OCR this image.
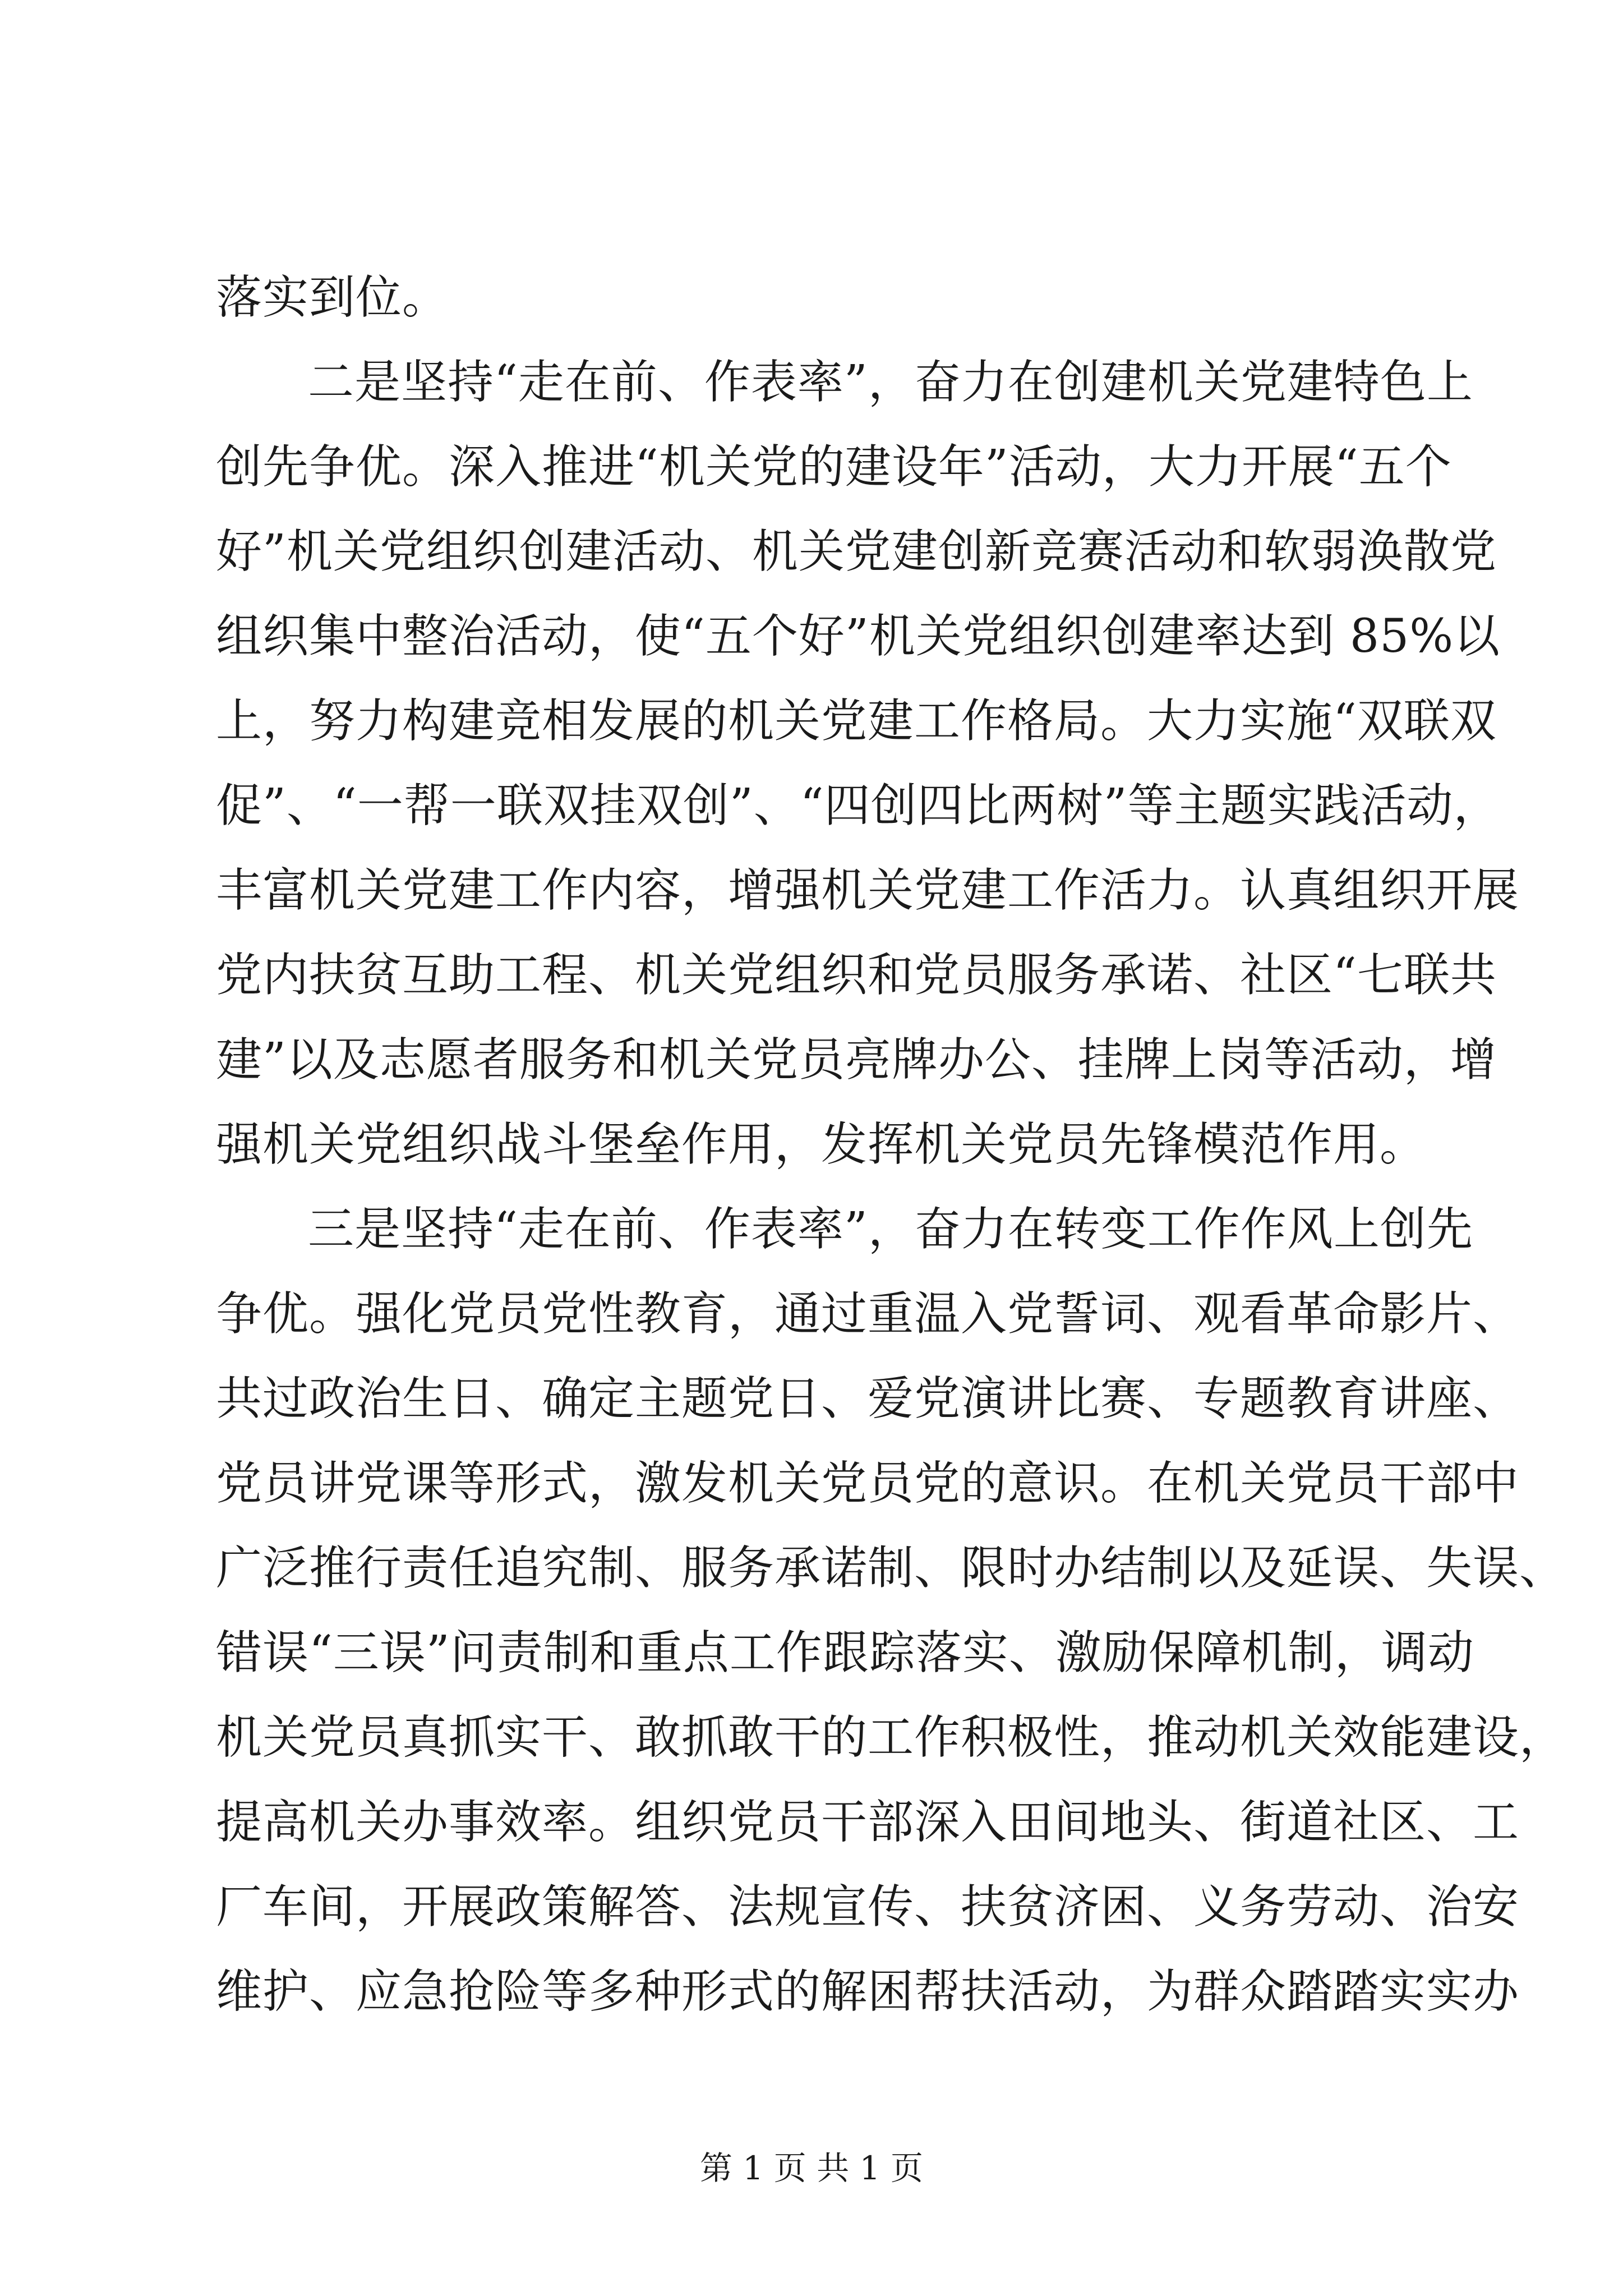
落实到位。
二是坚持“走在前、作表率”，奋力在创建机关党建特色上
创先争优。深入推进“机关党的建设年”活动，大力开展“五个
好”机关党组织创建活动、机关党建创新竞赛活动和软弱涣散党
组织集中整治活动，使“五个好”机关党组织创建率达到 85%以
上，努力构建竞相发展的机关党建工作格局。大力实施“双联双
促”、“一帮一联双挂双创”、“四创四比两树”等主题实践活动，
丰富机关党建工作内容，增强机关党建工作活力。认真组织开展
党内扶贫互助工程、机关党组织和党员服务承诺、社区“七联共
建”以及志愿者服务和机关党员亮牌办公、挂牌上岗等活动，增
强机关党组织战斗堡垒作用，发挥机关党员先锋模范作用。
三是坚持“走在前、作表率”，奋力在转变工作作风上创先
争优。强化党员党性教育，通过重温入党誓词、观看革命影片、
共过政治生日、确定主题党日、爱党演讲比赛、专题教育讲座、
党员讲党课等形式，激发机关党员党的意识。在机关党员干部中
广泛推行责任追究制、服务承诺制、限时办结制以及延误、失误、
错误“三误”问责制和重点工作跟踪落实、激励保障机制，调动
机关党员真抓实干、敢抓敢干的工作积极性，推动机关效能建设，
提高机关办事效率。组织党员干部深入田间地头、街道社区、工
厂车间，开展政策解答、法规宣传、扶贫济困、义务劳动、治安
维护、应急抢险等多种形式的解困帮扶活动，为群众踏踏实实办
第 1 页 共 1 页
